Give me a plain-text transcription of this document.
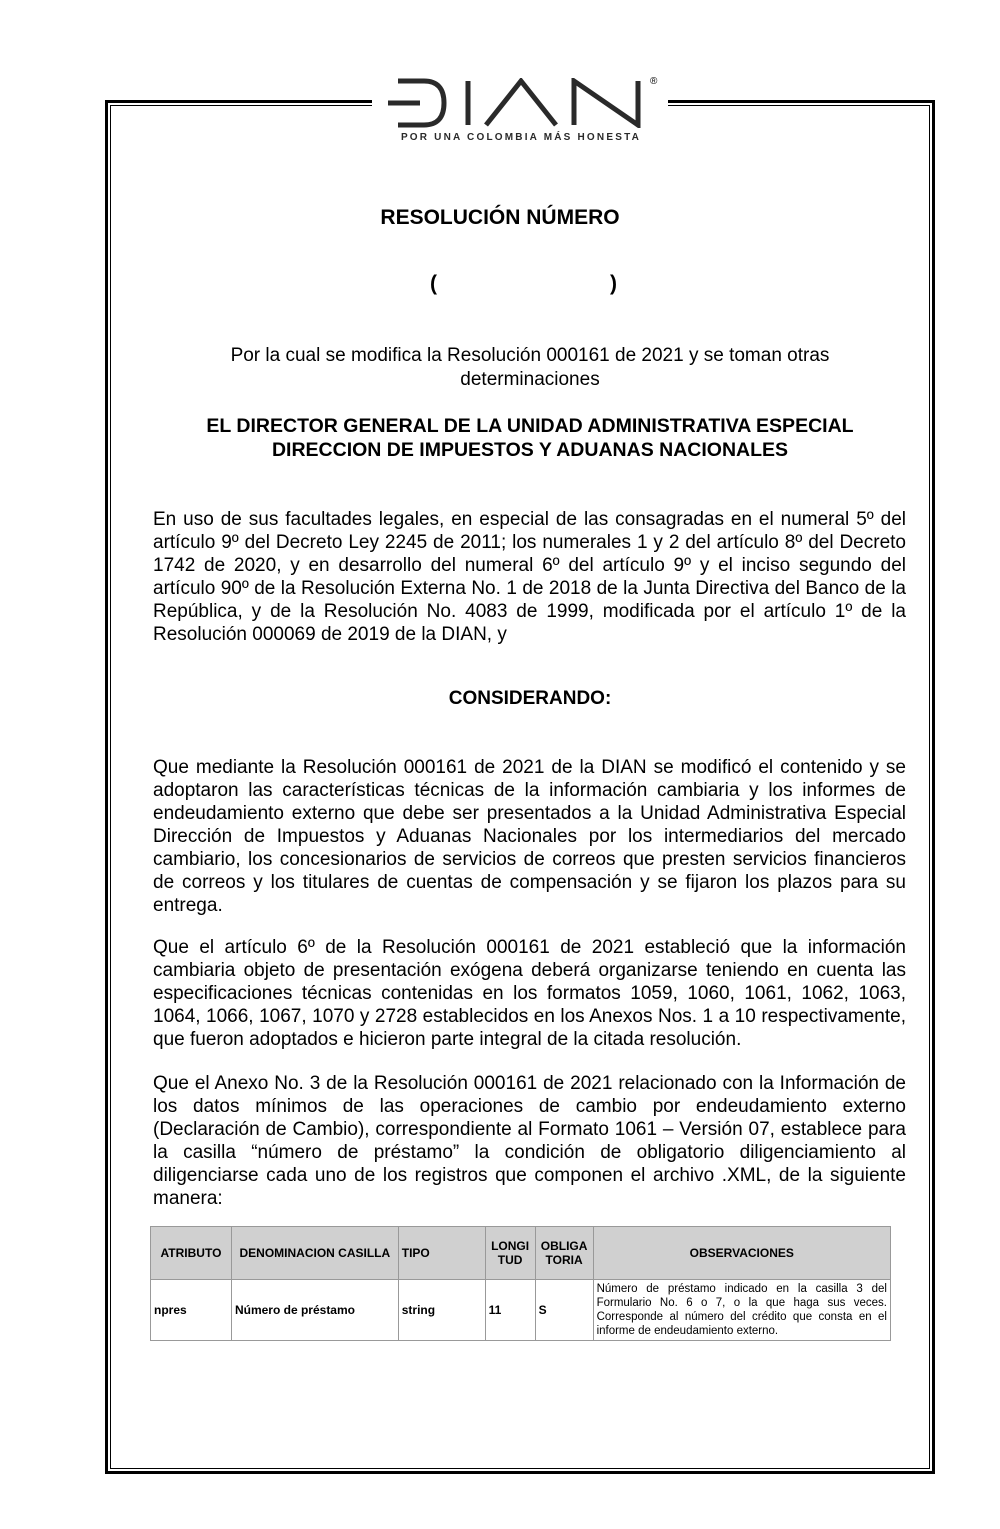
®
POR UNA COLOMBIA MÁS HONESTA
RESOLUCIÓN NÚMERO
(	)
Por la cual se modifica la Resolución 000161 de 2021 y se toman otras determinaciones
EL DIRECTOR GENERAL DE LA UNIDAD ADMINISTRATIVA ESPECIAL
DIRECCION DE IMPUESTOS Y ADUANAS NACIONALES
En uso de sus facultades legales, en especial de las consagradas en el numeral 5º del artículo 9º del Decreto Ley 2245 de 2011; los numerales 1 y 2 del artículo 8º del Decreto 1742 de 2020, y en desarrollo del numeral 6º del artículo 9º y el inciso segundo del artículo 90º de la Resolución Externa No. 1 de 2018 de la Junta Directiva del Banco de la República, y de la Resolución No. 4083 de 1999, modificada por el artículo 1º de la Resolución 000069 de 2019 de la DIAN, y
CONSIDERANDO:
Que mediante la Resolución 000161 de 2021 de la DIAN se modificó el contenido y se adoptaron las características técnicas de la información cambiaria y los informes de endeudamiento externo que debe ser presentados a la Unidad Administrativa Especial Dirección de Impuestos y Aduanas Nacionales por los intermediarios del mercado cambiario, los concesionarios de servicios de correos que presten servicios financieros de correos y los titulares de cuentas de compensación y se fijaron los plazos para su entrega.
Que el artículo 6º de la Resolución 000161 de 2021 estableció que la información cambiaria objeto de presentación exógena deberá organizarse teniendo en cuenta las especificaciones técnicas contenidas en los formatos 1059, 1060, 1061, 1062, 1063, 1064, 1066, 1067, 1070 y 2728 establecidos en los Anexos Nos. 1 a 10 respectivamente, que fueron adoptados e hicieron parte integral de la citada resolución.
Que el Anexo No. 3 de la Resolución 000161 de 2021 relacionado con la Información de los datos mínimos de las operaciones de cambio por endeudamiento externo (Declaración de Cambio), correspondiente al Formato 1061 – Versión 07, establece para la casilla “número de préstamo” la condición de obligatorio diligenciamiento al diligenciarse cada uno de los registros que componen el archivo .XML, de la siguiente manera:
ATRIBUTO	DENOMINACION CASILLA	TIPO	LONGI TUD	OBLIGA TORIA	OBSERVACIONES
npres	Número de préstamo	string	11	S	Número de préstamo indicado en la casilla 3 del Formulario No. 6 o 7, o la que haga sus veces. Corresponde al número del crédito que consta en el informe de endeudamiento externo.
